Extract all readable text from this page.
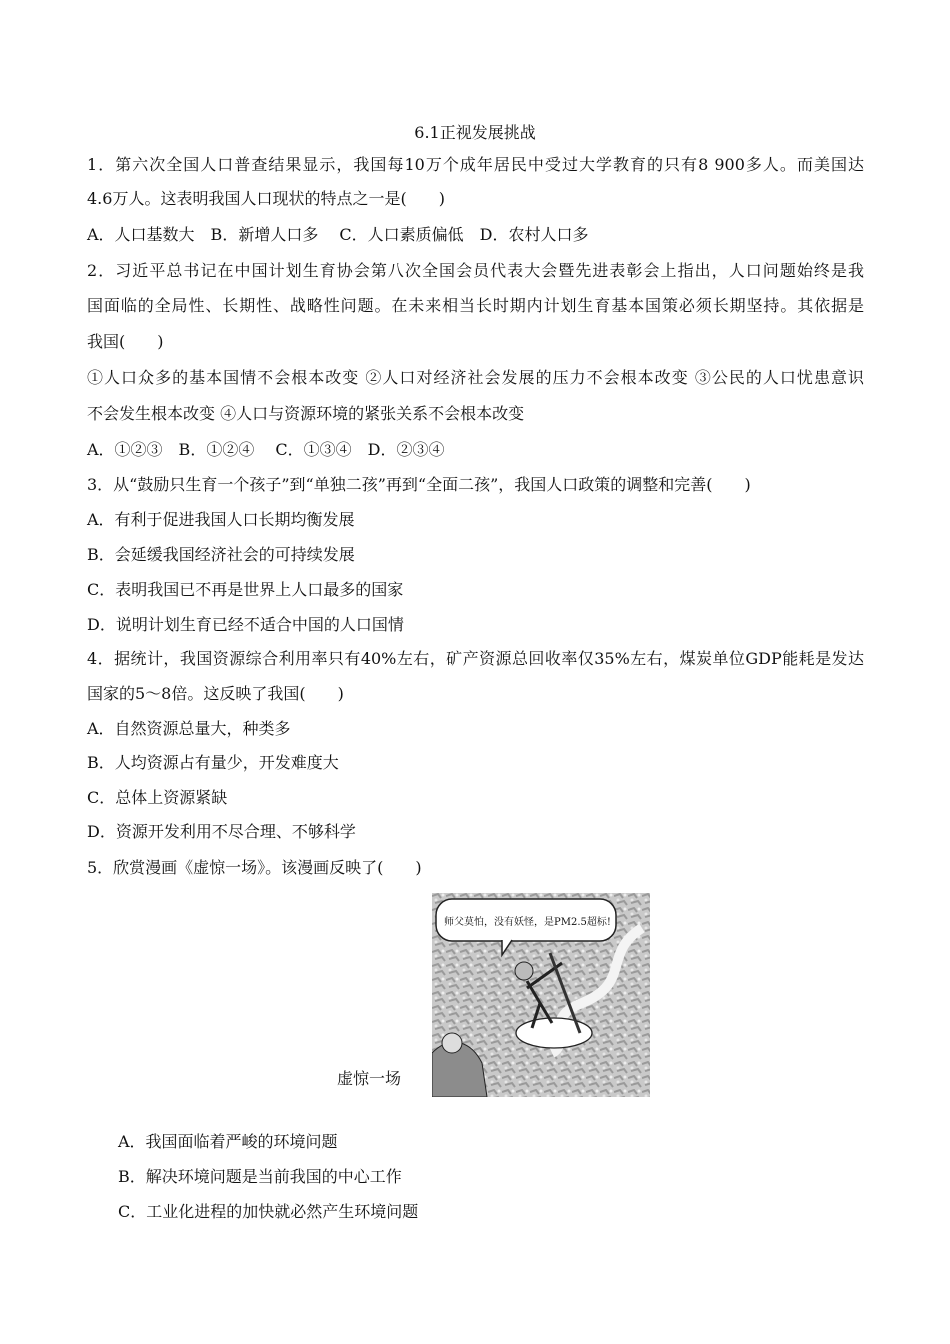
6.1正视发展挑战
1．第六次全国人口普查结果显示，我国每10万个成年居民中受过大学教育的只有8 900多人。而美国达
4.6万人。这表明我国人口现状的特点之一是(　　)
A．人口基数大　B．新增人口多　 C．人口素质偏低　D．农村人口多
2．习近平总书记在中国计划生育协会第八次全国会员代表大会暨先进表彰会上指出，人口问题始终是我
国面临的全局性、长期性、战略性问题。在未来相当长时期内计划生育基本国策必须长期坚持。其依据是
我国(　　)
①人口众多的基本国情不会根本改变 ②人口对经济社会发展的压力不会根本改变 ③公民的人口忧患意识
不会发生根本改变 ④人口与资源环境的紧张关系不会根本改变
A．①②③　B．①②④　 C．①③④　D．②③④
3．从“鼓励只生育一个孩子”到“单独二孩”再到“全面二孩”，我国人口政策的调整和完善(　　)
A．有利于促进我国人口长期均衡发展
B．会延缓我国经济社会的可持续发展
C．表明我国已不再是世界上人口最多的国家
D．说明计划生育已经不适合中国的人口国情
4．据统计，我国资源综合利用率只有40%左右，矿产资源总回收率仅35%左右，煤炭单位GDP能耗是发达
国家的5～8倍。这反映了我国(　　)
A．自然资源总量大，种类多
B．人均资源占有量少，开发难度大
C．总体上资源紧缺
D．资源开发利用不尽合理、不够科学
5．欣赏漫画《虚惊一场》。该漫画反映了(　　)
师父莫怕，没有妖怪，是PM2.5超标!
虚惊一场
A．我国面临着严峻的环境问题
B．解决环境问题是当前我国的中心工作
C．工业化进程的加快就必然产生环境问题
